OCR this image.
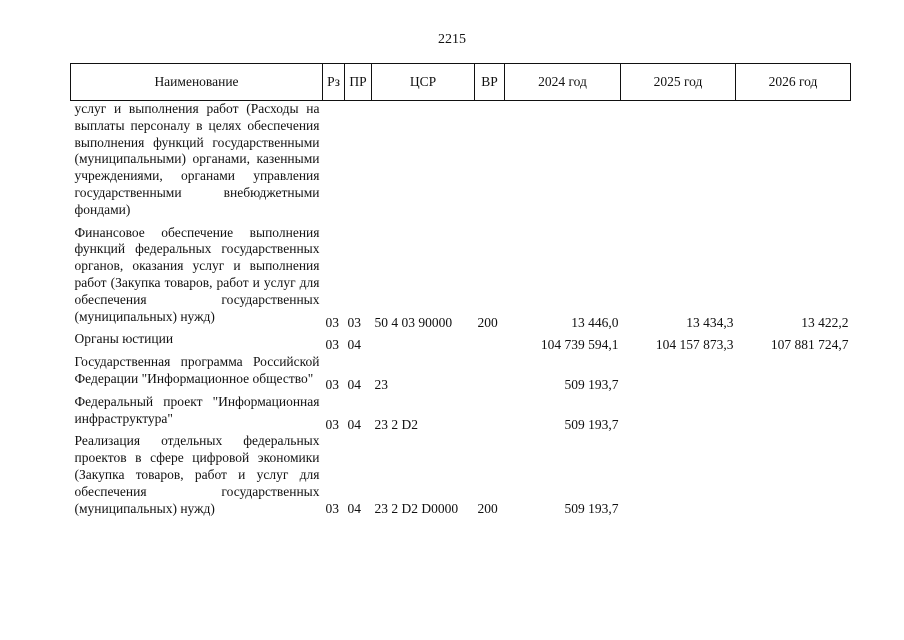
2215
Наименование	Рз	ПР	ЦСР	ВР	2024 год	2025 год	2026 год
услуг и выполнения работ (Расходы на выплаты персоналу в целях обеспечения выполнения функций государственными (муниципальными) органами, казенными учреждениями, органами управления государственными внебюджетными фондами)							
Финансовое обеспечение выполнения функций федеральных государственных органов, оказания услуг и выполнения работ (Закупка товаров, работ и услуг для обеспечения государственных (муниципальных) нужд)	03	03	50 4 03 90000	200	13 446,0	13 434,3	13 422,2
Органы юстиции	03	04			104 739 594,1	104 157 873,3	107 881 724,7
Государственная программа Российской Федерации "Информационное общество"	03	04	23		509 193,7		
Федеральный проект "Информационная инфраструктура"	03	04	23 2 D2		509 193,7		
Реализация отдельных федеральных проектов в сфере цифровой экономики (Закупка товаров, работ и услуг для обеспечения государственных (муниципальных) нужд)	03	04	23 2 D2 D0000	200	509 193,7		
